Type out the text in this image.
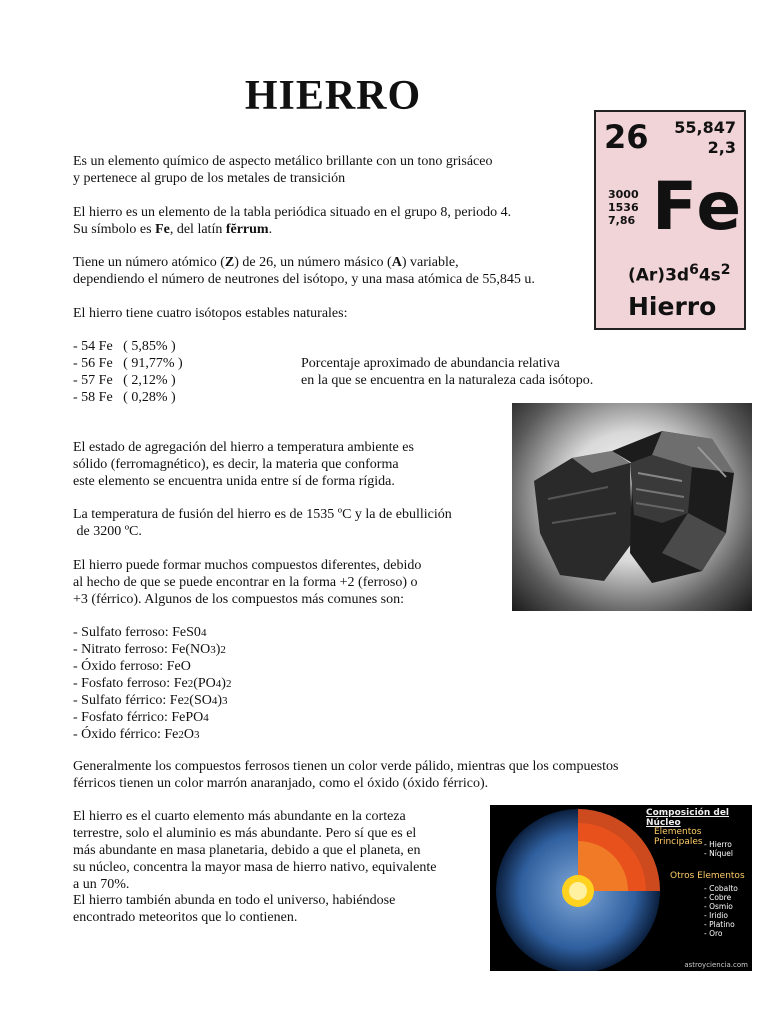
HIERRO
Es un elemento químico de aspecto metálico brillante con un tono grisáceo
y pertenece al grupo de los metales de transición
El hierro es un elemento de la tabla periódica situado en el grupo 8, periodo 4.
Su símbolo es Fe, del latín fĕrrum.
Tiene un número atómico (Z) de 26, un número másico (A) variable,
dependiendo el número de neutrones del isótopo, y una masa atómica de 55,845 u.
El hierro tiene cuatro isótopos estables naturales:
- 54 Fe   ( 5,85% )
- 56 Fe   ( 91,77% )
- 57 Fe   ( 2,12% )
- 58 Fe   ( 0,28% )
Porcentaje aproximado de abundancia relativa
en la que se encuentra en la naturaleza cada isótopo.
El estado de agregación del hierro a temperatura ambiente es
sólido (ferromagnético), es decir, la materia que conforma
este elemento se encuentra unida entre sí de forma rígida.
La temperatura de fusión del hierro es de 1535 ºC y la de ebullición
de 3200 ºC.
El hierro puede formar muchos compuestos diferentes, debido
al hecho de que se puede encontrar en la forma +2 (ferroso) o
+3 (férrico). Algunos de los compuestos más comunes son:
- Sulfato ferroso: FeS04
- Nitrato ferroso: Fe(NO3)2
- Óxido ferroso: FeO
- Fosfato ferroso: Fe2(PO4)2
- Sulfato férrico: Fe2(SO4)3
- Fosfato férrico: FePO4
- Óxido férrico: Fe2O3
Generalmente los compuestos ferrosos tienen un color verde pálido, mientras que los compuestos
férricos tienen un color marrón anaranjado, como el óxido (óxido férrico).
El hierro es el cuarto elemento más abundante en la corteza
terrestre, solo el aluminio es más abundante. Pero sí que es el
más abundante en masa planetaria, debido a que el planeta, en
su núcleo, concentra la mayor masa de hierro nativo, equivalente
a un 70%.
El hierro también abunda en todo el universo, habiéndose
encontrado meteoritos que lo contienen.
26 55,847
2,3
3000
1536
7,86 Fe
$(Ar)3d^64s^2$
Hierro
Composición del Núcleo
Elementos Principales - Hierro
- Níquel
Otros Elementos
- Cobalto
- Cobre
- Osmio
- Iridio
- Platino
- Oro
astroyciencia.com
